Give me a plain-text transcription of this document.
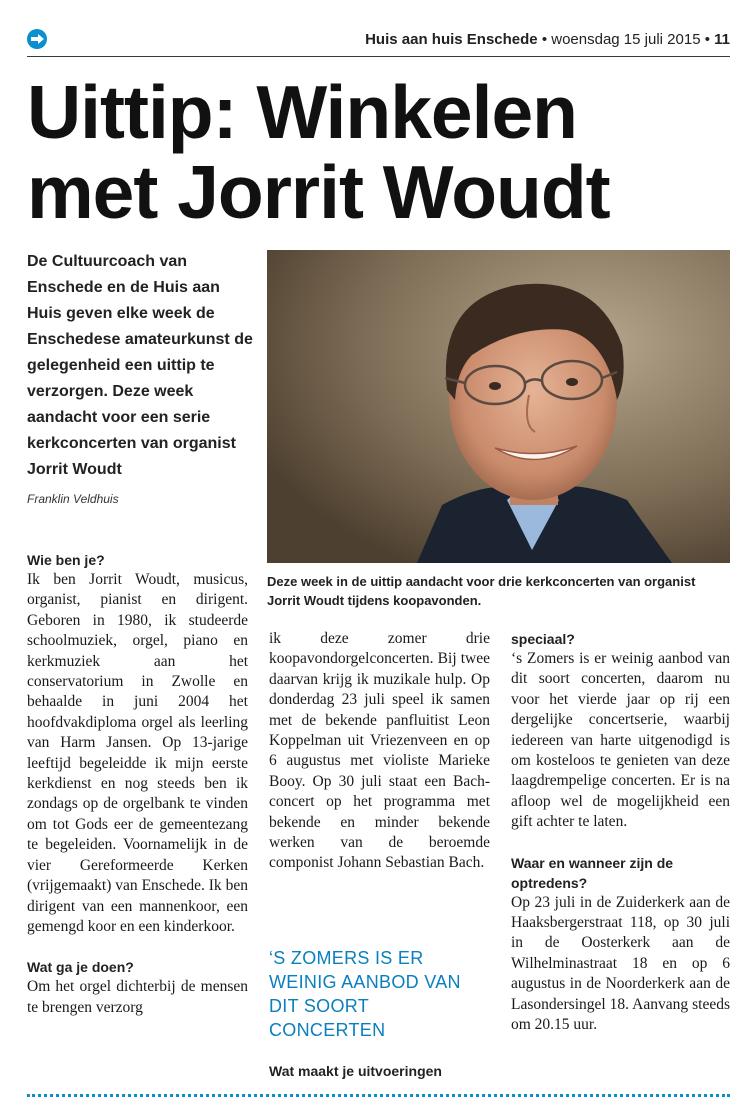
Huis aan huis Enschede • woensdag 15 juli 2015 • 11
Uittip: Winkelen
met Jorrit Woudt
De Cultuurcoach van Enschede en de Huis aan Huis geven elke week de Enschedese amateurkunst de gelegenheid een uittip te verzorgen. Deze week aandacht voor een serie kerkconcerten van organist Jorrit Woudt
Franklin Veldhuis
Deze week in de uittip aandacht voor drie kerkconcerten van organist Jorrit Woudt tijdens koopavonden.

Wie ben je?

Ik ben Jorrit Woudt, musicus, organist, pianist en dirigent. Geboren in 1980, ik studeerde schoolmuziek, orgel, piano en kerkmuziek aan het conservatorium in Zwolle en behaalde in juni 2004 het hoofdvakdiploma orgel als leerling van Harm Jansen. Op 13-jarige leeftijd begeleidde ik mijn eerste kerkdienst en nog steeds ben ik zondags op de orgelbank te vinden om tot Gods eer de gemeentezang te begeleiden. Voornamelijk in de vier Gereformeerde Kerken (vrijgemaakt) van Enschede. Ik ben dirigent van een mannenkoor, een gemengd koor en een kinderkoor.

Wat ga je doen?

Om het orgel dichterbij de mensen te brengen verzorg

ik deze zomer drie koopavondorgelconcerten. Bij twee daarvan krijg ik muzikale hulp. Op donderdag 23 juli speel ik samen met de bekende panfluitist Leon Koppelman uit Vriezenveen en op 6 augustus met violiste Marieke Booy. Op 30 juli staat een Bach-concert op het programma met bekende en minder bekende werken van de beroemde componist Johann Sebastian Bach.

‘S ZOMERS IS ER WEINIG AANBOD VAN DIT SOORT CONCERTEN
Wat maakt je uitvoeringen

speciaal?

‘s Zomers is er weinig aanbod van dit soort concerten, daarom nu voor het vierde jaar op rij een dergelijke concertserie, waarbij iedereen van harte uitgenodigd is om kosteloos te genieten van deze laagdrempelige concerten. Er is na afloop wel de mogelijkheid een gift achter te laten.

Waar en wanneer zijn de optredens?

Op 23 juli in de Zuiderkerk aan de Haaksbergerstraat 118, op 30 juli in de Oosterkerk aan de Wilhelminastraat 18 en op 6 augustus in de Noorderkerk aan de Lasondersingel 18. Aanvang steeds om 20.15 uur.
